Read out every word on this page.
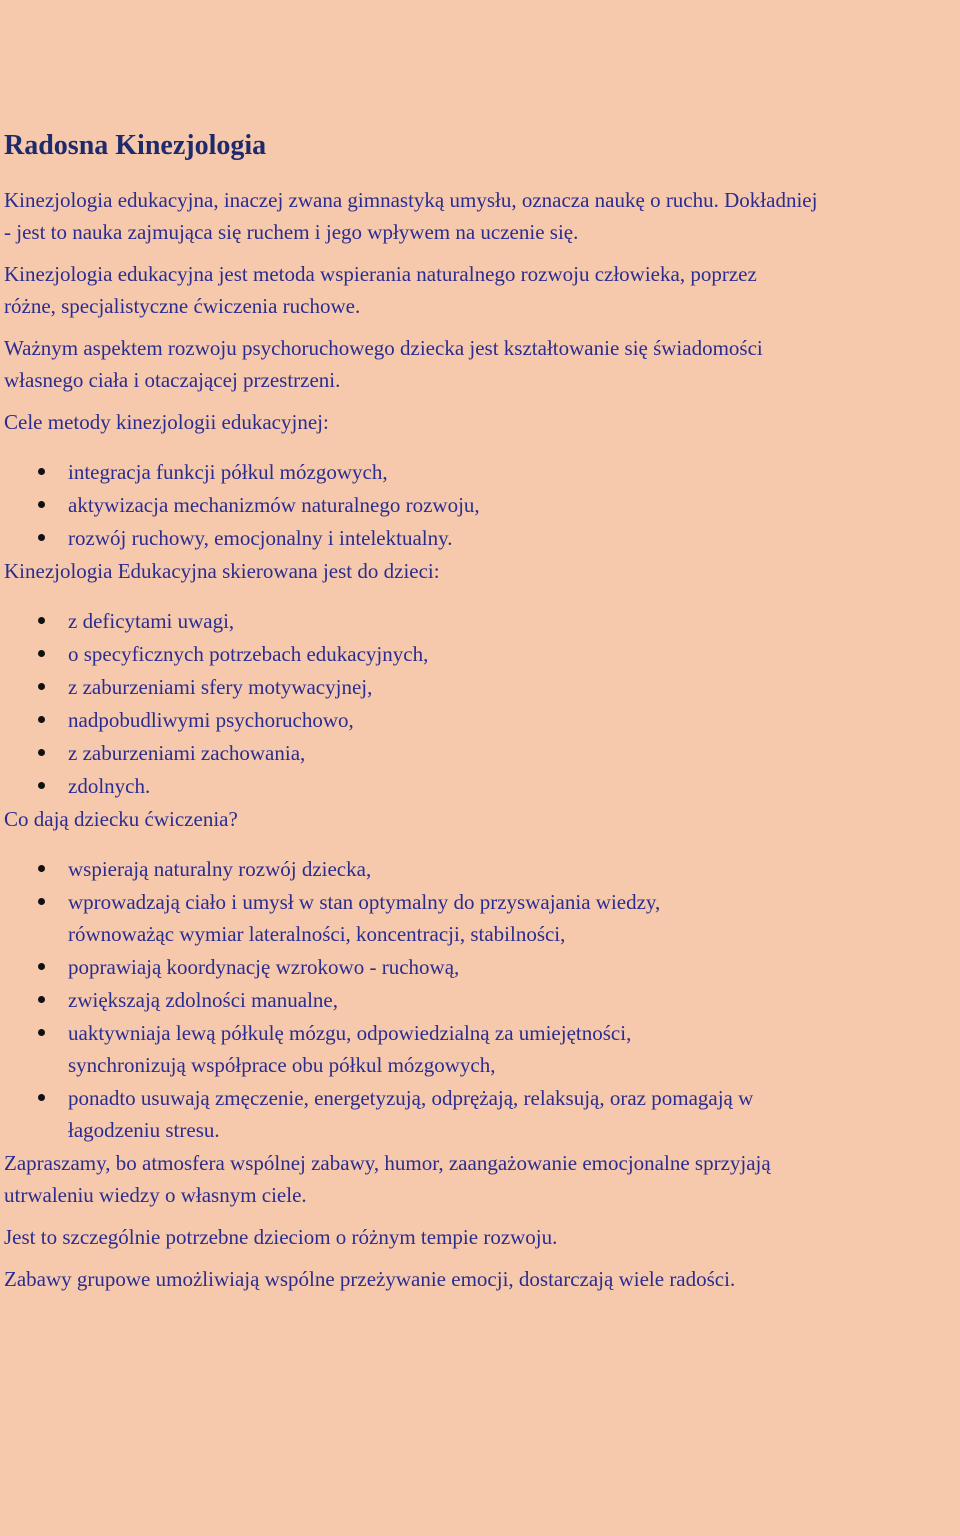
Radosna Kinezjologia

Kinezjologia edukacyjna, inaczej zwana gimnastyką umysłu, oznacza naukę o ruchu. Dokładniej - jest to nauka zajmująca się ruchem i jego wpływem na uczenie się.

Kinezjologia edukacyjna jest metoda wspierania naturalnego rozwoju człowieka, poprzez różne, specjalistyczne ćwiczenia ruchowe.

Ważnym aspektem rozwoju psychoruchowego dziecka jest kształtowanie się świadomości własnego ciała i otaczającej przestrzeni.

Cele metody kinezjologii edukacyjnej:

integracja funkcji półkul mózgowych,
aktywizacja mechanizmów naturalnego rozwoju,
rozwój ruchowy, emocjonalny i intelektualny.

Kinezjologia Edukacyjna skierowana jest do dzieci:

z deficytami uwagi,
o specyficznych potrzebach edukacyjnych,
z zaburzeniami sfery motywacyjnej,
nadpobudliwymi psychoruchowo,
z zaburzeniami zachowania,
zdolnych.

Co dają dziecku ćwiczenia?

wspierają naturalny rozwój dziecka,
wprowadzają ciało i umysł w stan optymalny do przyswajania wiedzy, równoważąc wymiar lateralności, koncentracji, stabilności,
poprawiają koordynację wzrokowo - ruchową,
zwiększają zdolności manualne,
uaktywniaja lewą półkulę mózgu, odpowiedzialną za umiejętności, synchronizują współprace obu półkul mózgowych,
ponadto usuwają zmęczenie, energetyzują, odprężają, relaksują, oraz pomagają w łagodzeniu stresu.

Zapraszamy, bo atmosfera wspólnej zabawy, humor, zaangażowanie emocjonalne sprzyjają utrwaleniu wiedzy o własnym ciele.

Jest to szczególnie potrzebne dzieciom o różnym tempie rozwoju.

Zabawy grupowe umożliwiają wspólne przeżywanie emocji, dostarczają wiele radości.
